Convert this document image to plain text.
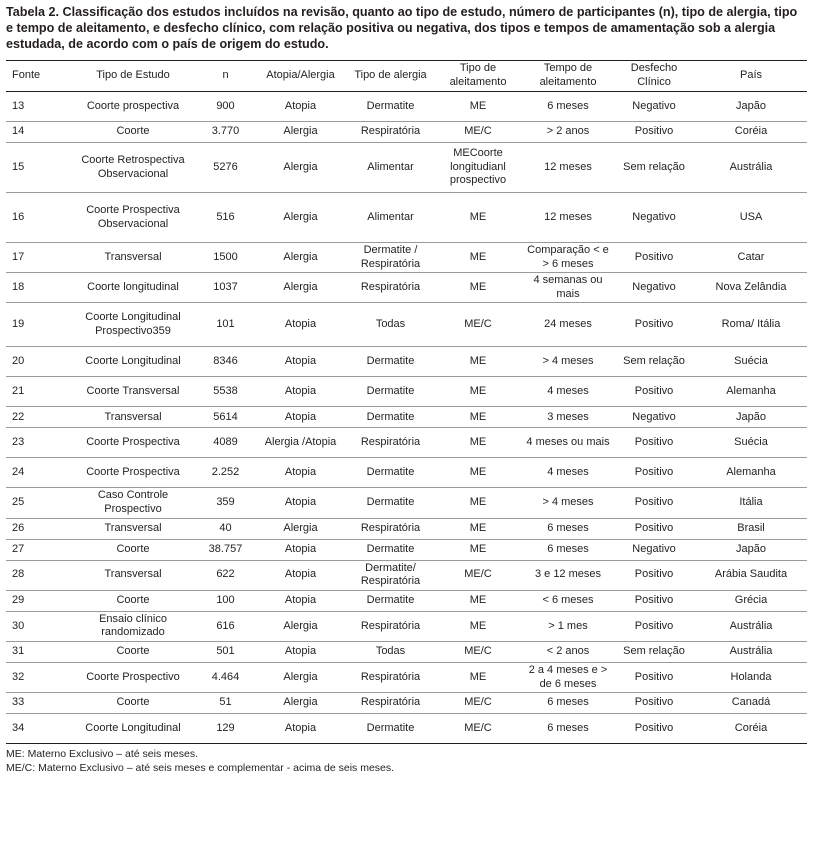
Tabela 2. Classificação dos estudos incluídos na revisão, quanto ao tipo de estudo, número de participantes (n), tipo de alergia, tipo e tempo de aleitamento, e desfecho clínico, com relação positiva ou negativa, dos tipos e tempos de amamentação sob a alergia estudada, de acordo com o país de origem do estudo.
Fonte	Tipo de Estudo	n	Atopia/Alergia	Tipo de alergia	Tipo de aleitamento	Tempo de aleitamento	Desfecho Clínico	País
13	Coorte prospectiva	900	Atopia	Dermatite	ME	6 meses	Negativo	Japão
14	Coorte	3.770	Alergia	Respiratória	ME/C	> 2 anos	Positivo	Coréia
15	Coorte Retrospectiva Observacional	5276	Alergia	Alimentar	MECoorte longitudianl prospectivo	12 meses	Sem relação	Austrália
16	Coorte Prospectiva Observacional	516	Alergia	Alimentar	ME	12 meses	Negativo	USA
17	Transversal	1500	Alergia	Dermatite / Respiratória	ME	Comparação < e > 6 meses	Positivo	Catar
18	Coorte longitudinal	1037	Alergia	Respiratória	ME	4 semanas ou mais	Negativo	Nova Zelândia
19	Coorte Longitudinal Prospectivo359	101	Atopia	Todas	ME/C	24 meses	Positivo	Roma/ Itália
20	Coorte Longitudinal	8346	Atopia	Dermatite	ME	> 4 meses	Sem relação	Suécia
21	Coorte Transversal	5538	Atopia	Dermatite	ME	4 meses	Positivo	Alemanha
22	Transversal	5614	Atopia	Dermatite	ME	3 meses	Negativo	Japão
23	Coorte Prospectiva	4089	Alergia /Atopia	Respiratória	ME	4 meses ou mais	Positivo	Suécia
24	Coorte Prospectiva	2.252	Atopia	Dermatite	ME	4 meses	Positivo	Alemanha
25	Caso Controle Prospectivo	359	Atopia	Dermatite	ME	> 4 meses	Positivo	Itália
26	Transversal	40	Alergia	Respiratória	ME	6 meses	Positivo	Brasil
27	Coorte	38.757	Atopia	Dermatite	ME	6 meses	Negativo	Japão
28	Transversal	622	Atopia	Dermatite/ Respiratória	ME/C	3 e 12 meses	Positivo	Arábia Saudita
29	Coorte	100	Atopia	Dermatite	ME	< 6 meses	Positivo	Grécia
30	Ensaio clínico randomizado	616	Alergia	Respiratória	ME	> 1 mes	Positivo	Austrália
31	Coorte	501	Atopia	Todas	ME/C	< 2 anos	Sem relação	Austrália
32	Coorte Prospectivo	4.464	Alergia	Respiratória	ME	2 a 4 meses e > de 6 meses	Positivo	Holanda
33	Coorte	51	Alergia	Respiratória	ME/C	6 meses	Positivo	Canadá
34	Coorte Longitudinal	129	Atopia	Dermatite	ME/C	6 meses	Positivo	Coréia
ME: Materno Exclusivo – até seis meses.
ME/C: Materno Exclusivo – até seis meses e complementar - acima de seis meses.
